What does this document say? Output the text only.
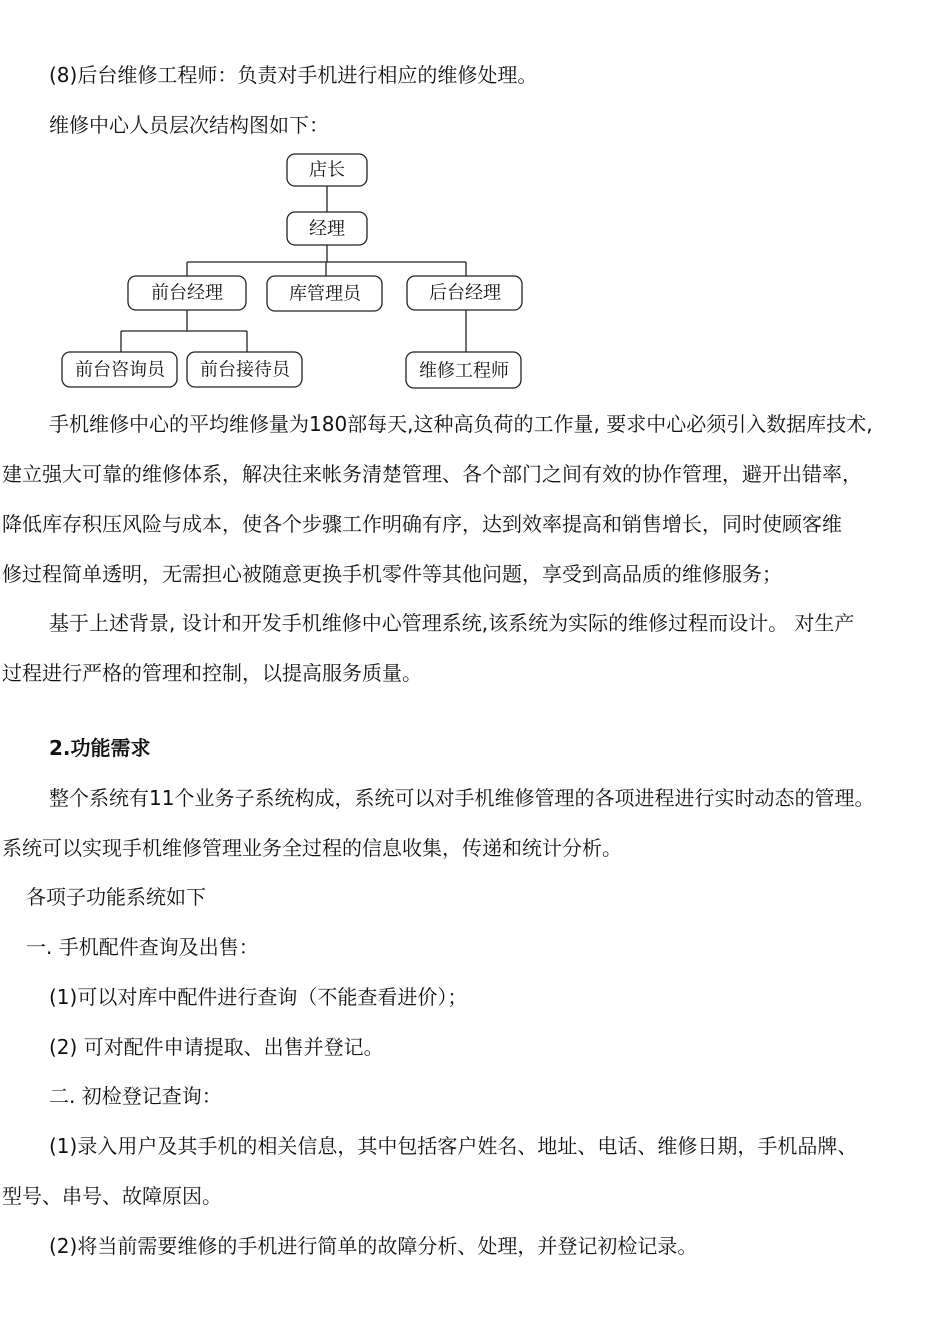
(8)后台维修工程师：负责对手机进行相应的维修处理。
维修中心人员层次结构图如下：
店长
经理
前台经理	库管理员	后台经理
前台咨询员 前台接待员	维修工程师
手机维修中心的平均维修量为180部每天,这种高负荷的工作量, 要求中心必须引入数据库技术,
建立强大可靠的维修体系，解决往来帐务清楚管理、各个部门之间有效的协作管理，避开出错率，
降低库存积压风险与成本，使各个步骤工作明确有序，达到效率提高和销售增长，同时使顾客维
修过程简单透明，无需担心被随意更换手机零件等其他问题，享受到高品质的维修服务；
基于上述背景, 设计和开发手机维修中心管理系统,该系统为实际的维修过程而设计。 对生产
过程进行严格的管理和控制，以提高服务质量。
2.功能需求
整个系统有11个业务子系统构成，系统可以对手机维修管理的各项进程进行实时动态的管理。
系统可以实现手机维修管理业务全过程的信息收集，传递和统计分析。
各项子功能系统如下
一. 手机配件查询及出售：
(1)可以对库中配件进行查询（不能查看进价）；
(2) 可对配件申请提取、出售并登记。
二. 初检登记查询：
(1)录入用户及其手机的相关信息，其中包括客户姓名、地址、电话、维修日期，手机品牌、
型号、串号、故障原因。
(2)将当前需要维修的手机进行简单的故障分析、处理，并登记初检记录。
